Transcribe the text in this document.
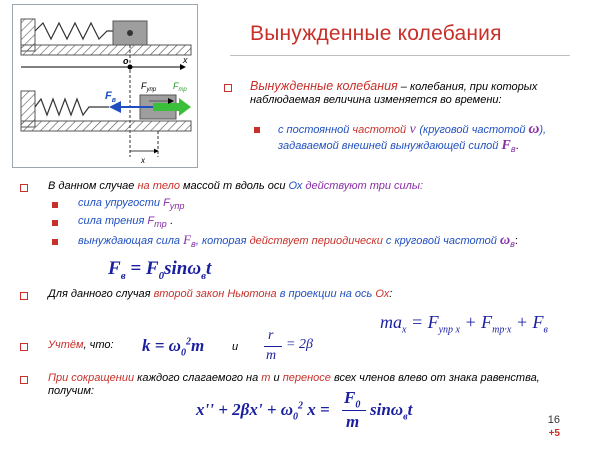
o	x
$F_в$
$F_{упр}$ $F_{тр}$
x
Вынужденные колебания
Вынужденные колебания – колебания, при которых наблюдаемая величина изменяется во времени:
с постоянной частотой ν (круговой частотой ω), задаваемой внешней вынуждающей силой $F_в$.
В данном случае на тело массой m вдоль оси Ох действуют три силы:
сила упругости $F_{упр}$
сила трения $F_{тр}$ .
вынуждающая сила $F_в$, которая действует периодически с круговой частотой $\omega_в$:
$F_в = F_0\sin\omega_вt$
Для данного случая второй закон Ньютона в проекции на ось Ох:
$ma_x = F_{упр x} + F_{тр\cdot x} + F_в$
Учтём, что: $k = \omega_0^2m$	и
r
m
= 2β
При сокращении каждого слагаемого на m и переносе всех членов влево от знака равенства, получим:
$x'' + 2\beta x' + \omega_0^2$ x =
$F_0$
m
sinω$_в$t
16
+5
